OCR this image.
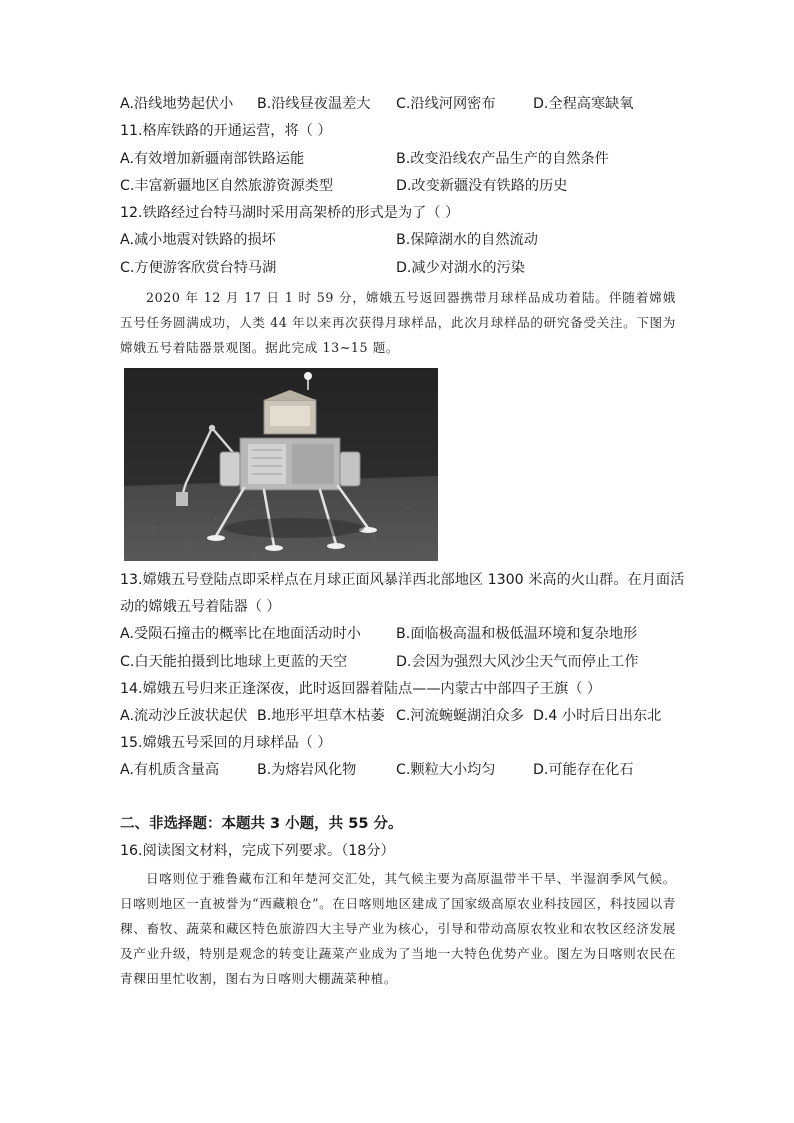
A.沿线地势起伏小 B.沿线昼夜温差大 C.沿线河网密布	D.全程高寒缺氧
11.格库铁路的开通运营，将（ ）
A.有效增加新疆南部铁路运能	B.改变沿线农产品生产的自然条件
C.丰富新疆地区自然旅游资源类型	D.改变新疆没有铁路的历史
12.铁路经过台特马湖时采用高架桥的形式是为了（ ）
A.减小地震对铁路的损坏	B.保障湖水的自然流动
C.方便游客欣赏台特马湖	D.减少对湖水的污染

2020 年 12 月 17 日 1 时 59 分，嫦娥五号返回器携带月球样品成功着陆。伴随着嫦娥五号任务圆满成功，人类 44 年以来再次获得月球样品，此次月球样品的研究备受关注。下图为嫦娥五号着陆器景观图。据此完成 13~15 题。

13.嫦娥五号登陆点即采样点在月球正面风暴洋西北部地区 1300 米高的火山群。在月面活
动的嫦娥五号着陆器（ ）
A.受陨石撞击的概率比在地面活动时小 B.面临极高温和极低温环境和复杂地形
C.白天能拍摄到比地球上更蓝的天空	D.会因为强烈大风沙尘天气而停止工作
14.嫦娥五号归来正逢深夜，此时返回器着陆点——内蒙古中部四子王旗（ ）
A.流动沙丘波状起伏 B.地形平坦草木枯萎 C.河流蜿蜒湖泊众多 D.4 小时后日出东北
15.嫦娥五号采回的月球样品（ ）
A.有机质含量高	B.为熔岩风化物	C.颗粒大小均匀	D.可能存在化石
二、非选择题：本题共 3 小题，共 55 分。
16.阅读图文材料，完成下列要求。（18分）

日喀则位于雅鲁藏布江和年楚河交汇处，其气候主要为高原温带半干旱、半湿润季风气候。日喀则地区一直被誉为“西藏粮仓”。在日喀则地区建成了国家级高原农业科技园区，科技园以青稞、畜牧、蔬菜和藏区特色旅游四大主导产业为核心，引导和带动高原农牧业和农牧区经济发展及产业升级，特别是观念的转变让蔬菜产业成为了当地一大特色优势产业。图左为日喀则农民在青稞田里忙收割，图右为日喀则大棚蔬菜种植。
